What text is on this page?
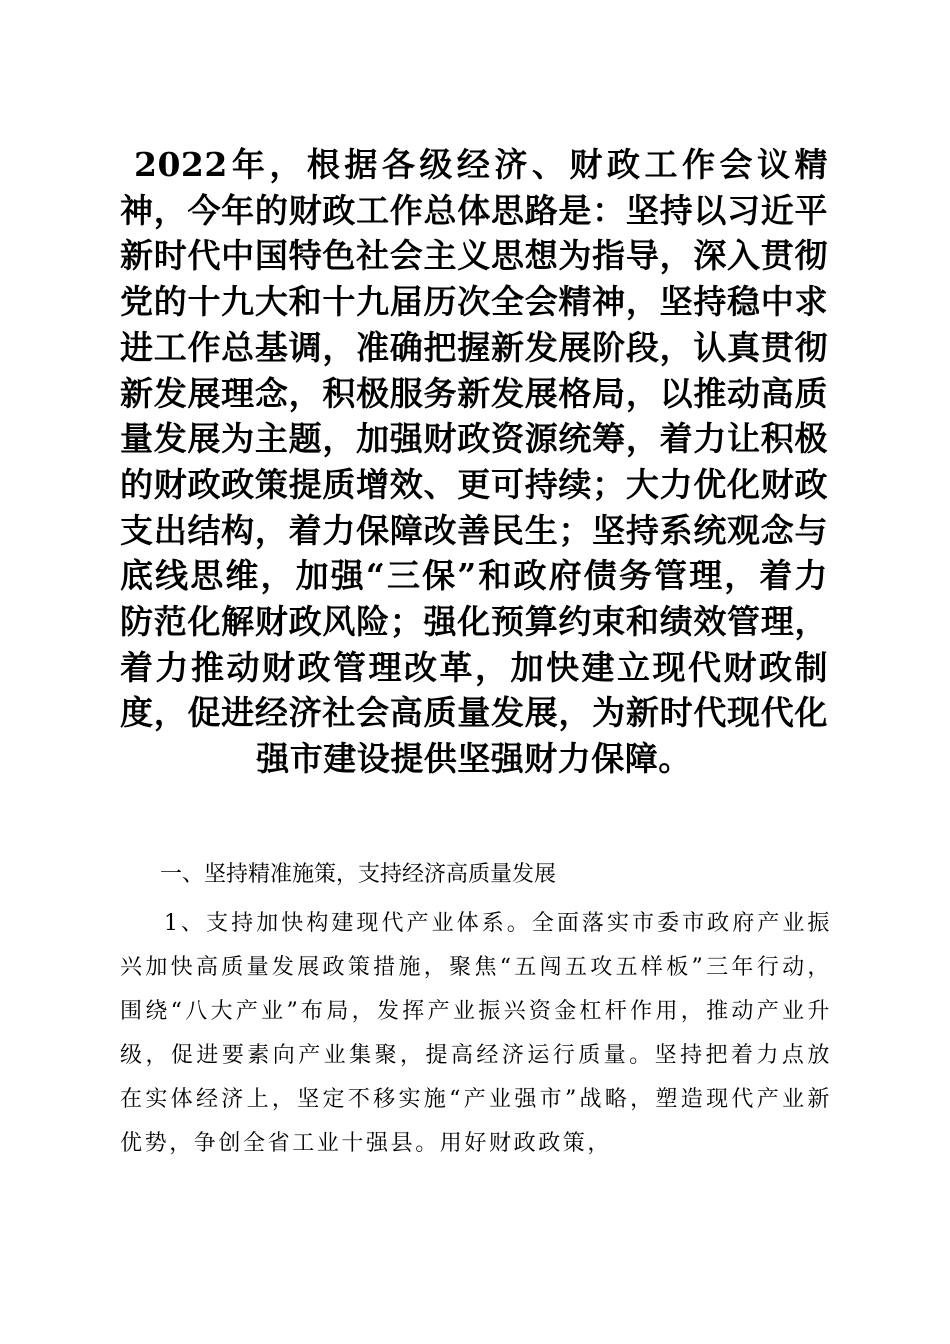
2022年，根据各级经济、财政工作会议精神，今年的财政工作总体思路是：坚持以习近平新时代中国特色社会主义思想为指导，深入贯彻党的十九大和十九届历次全会精神，坚持稳中求进工作总基调，准确把握新发展阶段，认真贯彻新发展理念，积极服务新发展格局，以推动高质量发展为主题，加强财政资源统筹，着力让积极的财政政策提质增效、更可持续；大力优化财政支出结构，着力保障改善民生；坚持系统观念与底线思维，加强“三保”和政府债务管理，着力防范化解财政风险；强化预算约束和绩效管理，着力推动财政管理改革，加快建立现代财政制度，促进经济社会高质量发展，为新时代现代化强市建设提供坚强财力保障。

一、坚持精准施策，支持经济高质量发展

1、支持加快构建现代产业体系。全面落实市委市政府产业振兴加快高质量发展政策措施，聚焦“五闯五攻五样板”三年行动，围绕“八大产业”布局，发挥产业振兴资金杠杆作用，推动产业升级，促进要素向产业集聚，提高经济运行质量。坚持把着力点放在实体经济上，坚定不移实施“产业强市”战略，塑造现代产业新优势，争创全省工业十强县。用好财政政策，
